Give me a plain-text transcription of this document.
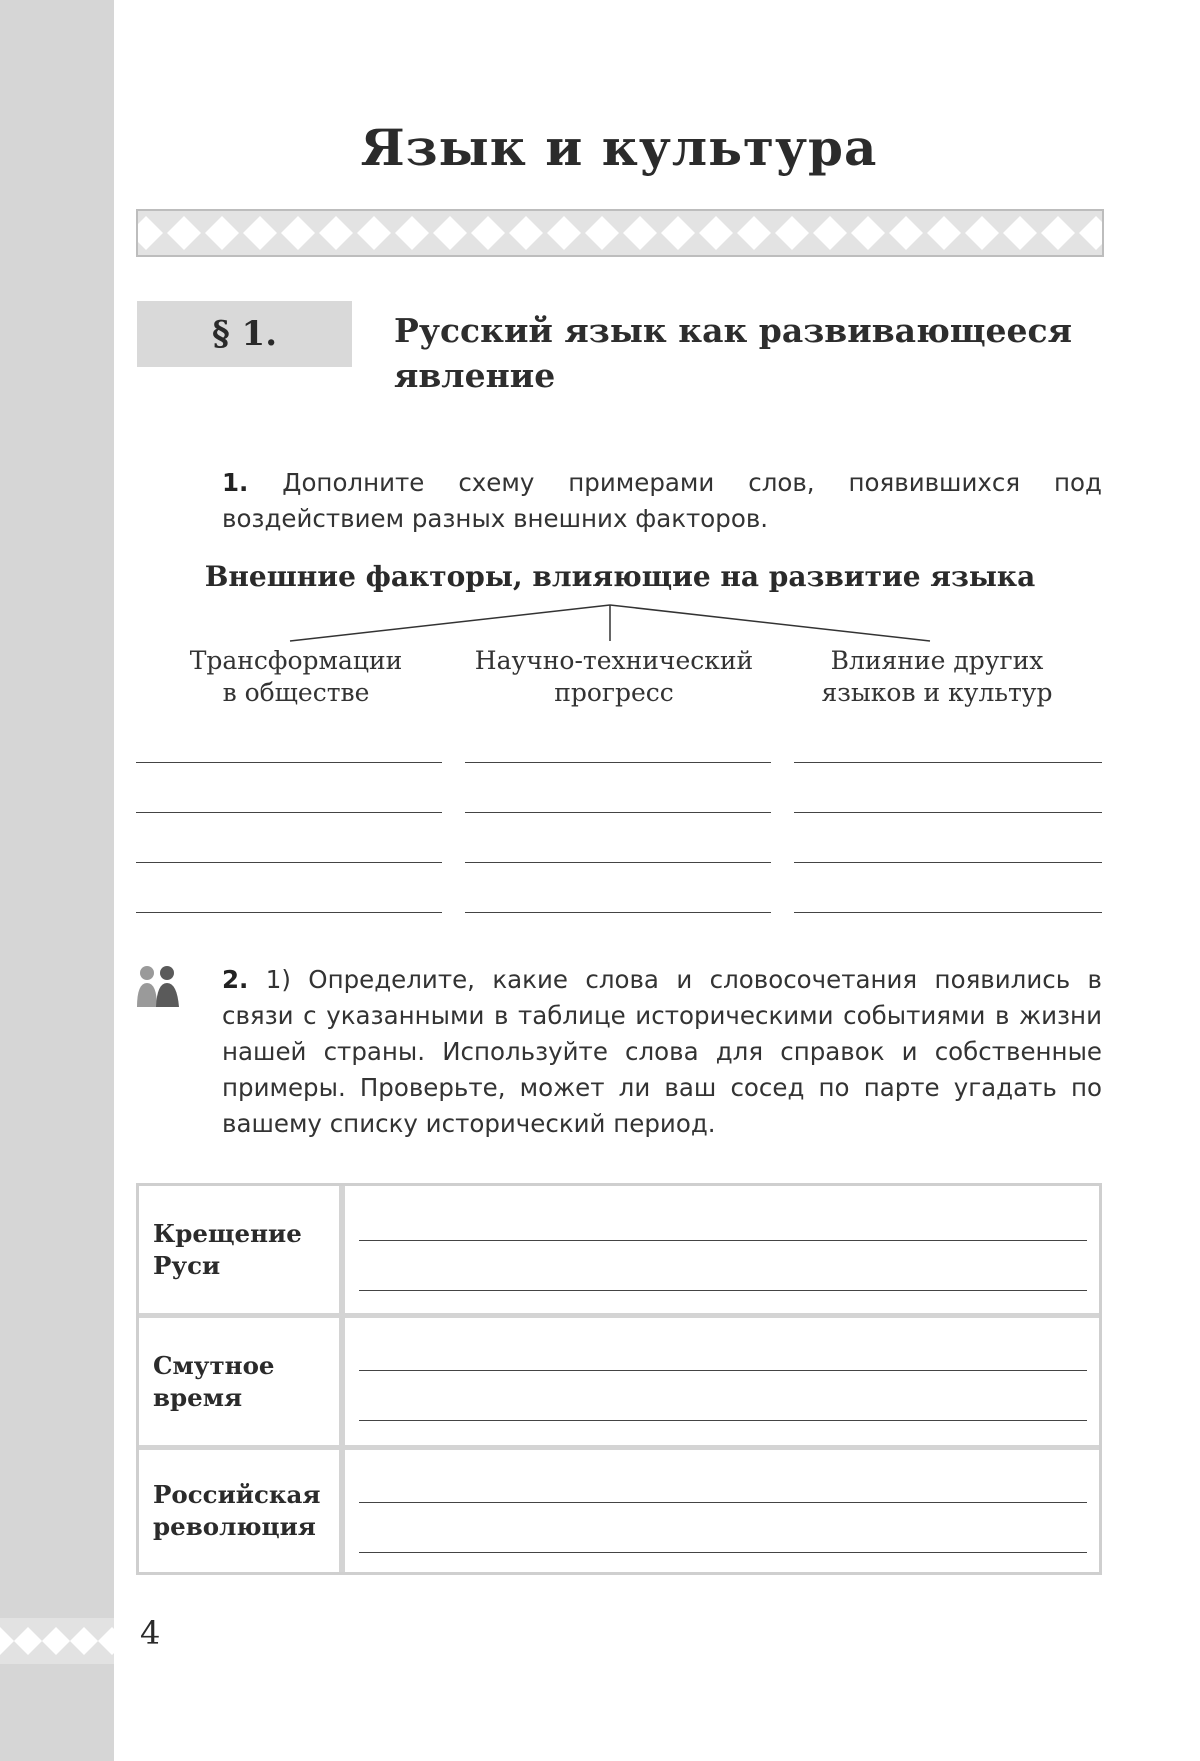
Язык и культура
§ 1.	Русский язык как развивающееся явление

1. Дополните схему примерами слов, появившихся под воздействием разных внешних факторов.

Внешние факторы, влияющие на развитие языка
Трансформации
в обществе
Научно-технический
прогресс
Влияние других
языков и культур

2. 1) Определите, какие слова и словосочетания появились в связи с указанными в таблице историческими событиями в жизни нашей страны. Используйте слова для справок и собственные примеры. Проверьте, может ли ваш сосед по парте угадать по вашему списку исторический период.

Крещение
Руси
Смутное
время
Российская
революция
4
